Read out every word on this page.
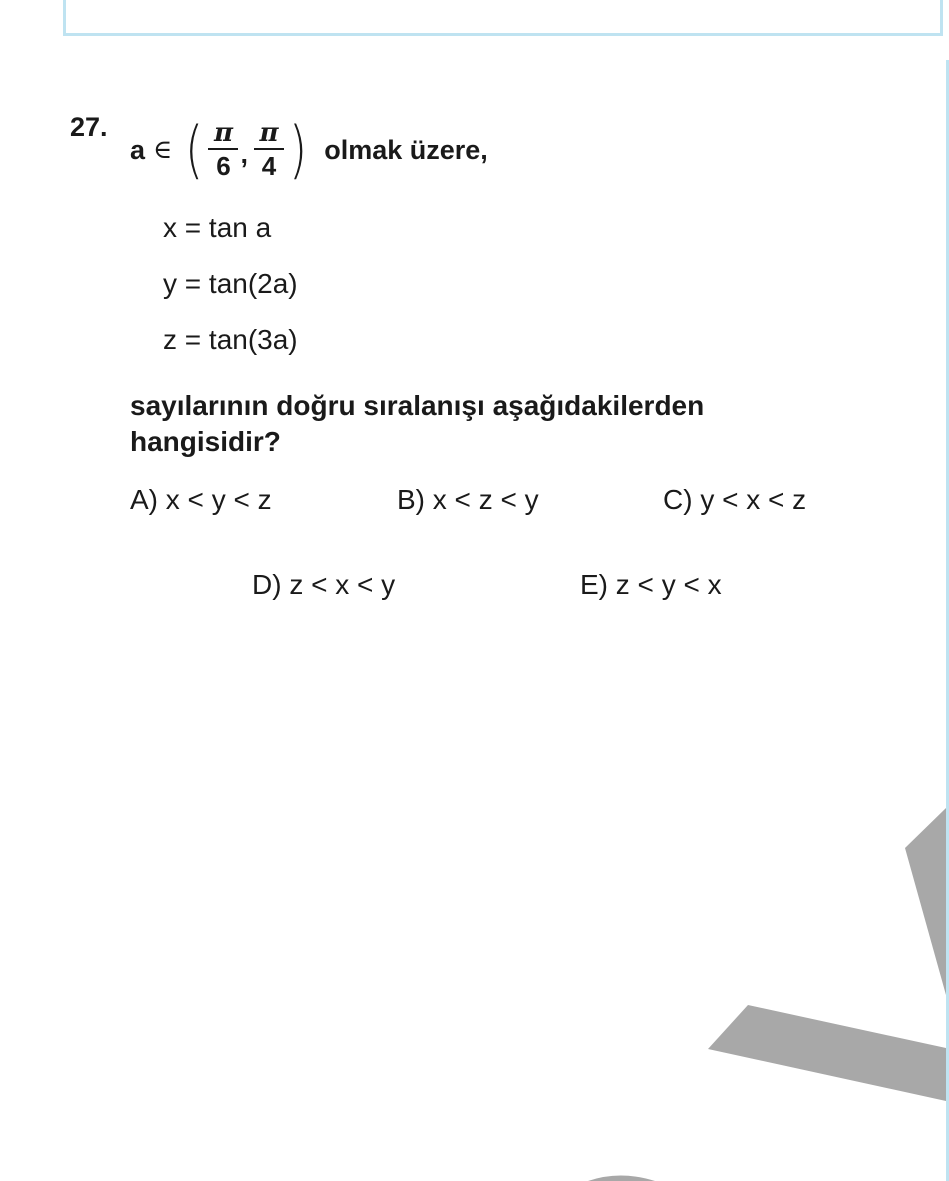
27.
a ∈ ( $\frac{\pi}{6}$ , $\frac{\pi}{4}$ ) olmak üzere,
x = tan a
y = tan(2a)
z = tan(3a)
sayılarının doğru sıralanışı aşağıdakilerden hangisidir?
A) x < y < z	B) x < z < y	C) y < x < z
D) z < x < y	E) z < y < x
